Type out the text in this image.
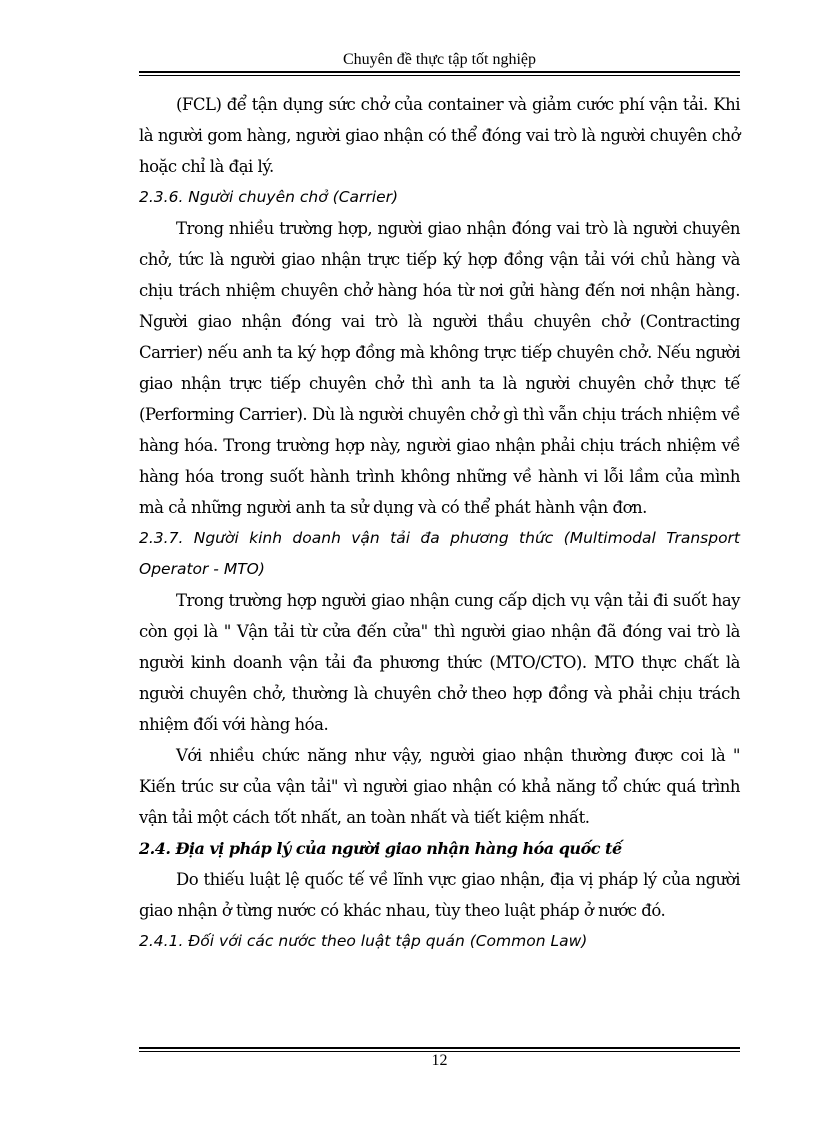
Chuyên đề thực tập tốt nghiệp

(FCL) để tận dụng sức chở của container và giảm cước phí vận tải. Khi là người gom hàng, người giao nhận có thể đóng vai trò là người chuyên chở hoặc chỉ là đại lý.

2.3.6. Người chuyên chở (Carrier)

Trong nhiều trường hợp, người giao nhận đóng vai trò là người chuyên chở, tức là người giao nhận trực tiếp ký hợp đồng vận tải với chủ hàng và chịu trách nhiệm chuyên chở hàng hóa từ nơi gửi hàng đến nơi nhận hàng. Người giao nhận đóng vai trò là người thầu chuyên chở (Contracting Carrier) nếu anh ta ký hợp đồng mà không trực tiếp chuyên chở. Nếu người giao nhận trực tiếp chuyên chở thì anh ta là người chuyên chở thực tế (Performing Carrier). Dù là người chuyên chở gì thì vẫn chịu trách nhiệm về hàng hóa. Trong trường hợp này, người giao nhận phải chịu trách nhiệm về hàng hóa trong suốt hành trình không những về hành vi lỗi lầm của mình mà cả những người anh ta sử dụng và có thể phát hành vận đơn.

2.3.7. Người kinh doanh vận tải đa phương thức (Multimodal Transport Operator - MTO)

Trong trường hợp người giao nhận cung cấp dịch vụ vận tải đi suốt hay còn gọi là " Vận tải từ cửa đến cửa" thì người giao nhận đã đóng vai trò là người kinh doanh vận tải đa phương thức (MTO/CTO). MTO thực chất là người chuyên chở, thường là chuyên chở theo hợp đồng và phải chịu trách nhiệm đối với hàng hóa.

Với nhiều chức năng như vậy, người giao nhận thường được coi là " Kiến trúc sư của vận tải" vì người giao nhận có khả năng tổ chức quá trình vận tải một cách tốt nhất, an toàn nhất và tiết kiệm nhất.

2.4. Địa vị pháp lý của người giao nhận hàng hóa quốc tế

Do thiếu luật lệ quốc tế về lĩnh vực giao nhận, địa vị pháp lý của người giao nhận ở từng nước có khác nhau, tùy theo luật pháp ở nước đó.

2.4.1. Đối với các nước theo luật tập quán (Common Law)

12
